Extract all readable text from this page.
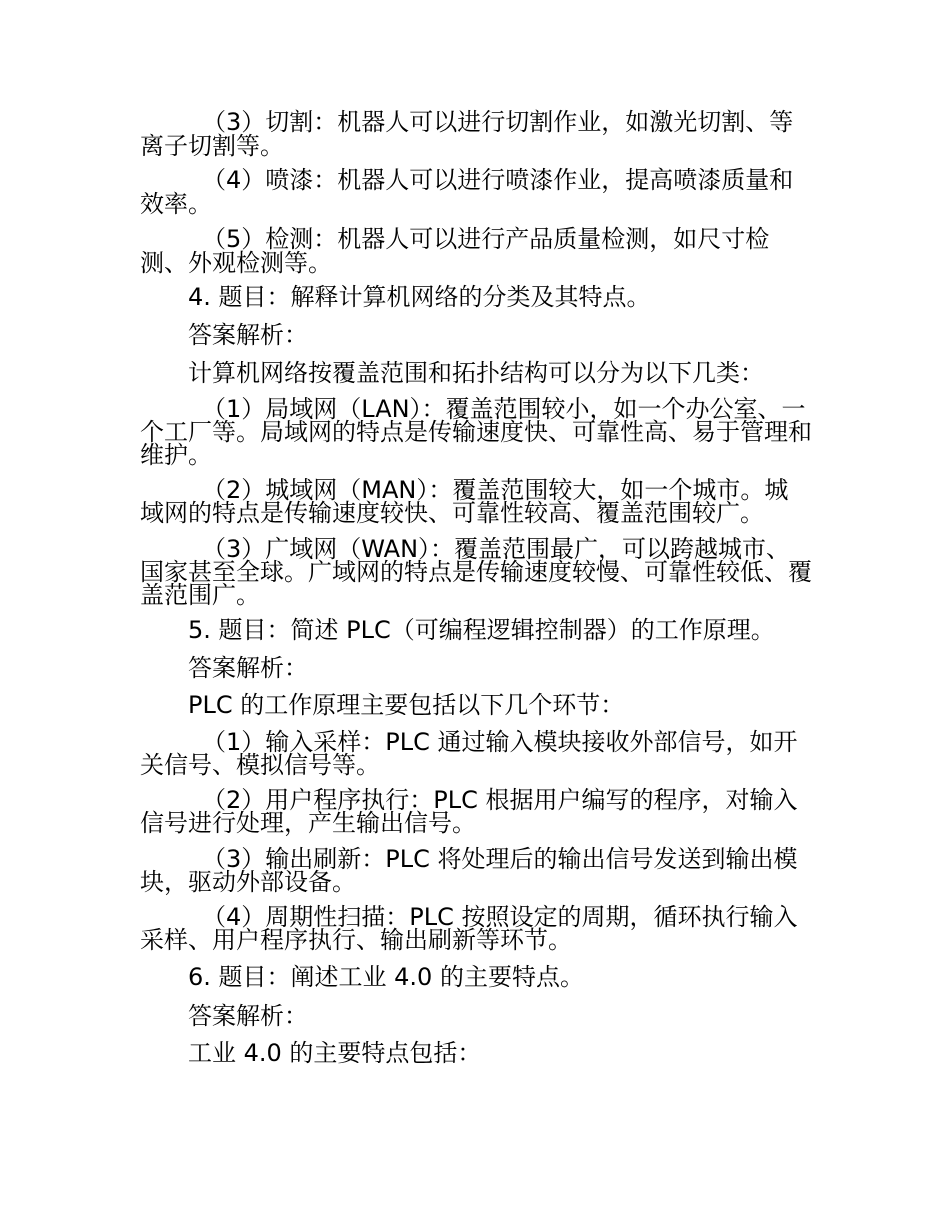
（3）切割：机器人可以进行切割作业，如激光切割、等离子切割等。
（4）喷漆：机器人可以进行喷漆作业，提高喷漆质量和效率。
（5）检测：机器人可以进行产品质量检测，如尺寸检测、外观检测等。
4. 题目：解释计算机网络的分类及其特点。
答案解析：
计算机网络按覆盖范围和拓扑结构可以分为以下几类：
（1）局域网（LAN）：覆盖范围较小，如一个办公室、一个工厂等。局域网的特点是传输速度快、可靠性高、易于管理和维护。
（2）城域网（MAN）：覆盖范围较大，如一个城市。城域网的特点是传输速度较快、可靠性较高、覆盖范围较广。
（3）广域网（WAN）：覆盖范围最广，可以跨越城市、国家甚至全球。广域网的特点是传输速度较慢、可靠性较低、覆盖范围广。
5. 题目：简述 PLC（可编程逻辑控制器）的工作原理。
答案解析：
PLC 的工作原理主要包括以下几个环节：
（1）输入采样：PLC 通过输入模块接收外部信号，如开关信号、模拟信号等。
（2）用户程序执行：PLC 根据用户编写的程序，对输入信号进行处理，产生输出信号。
（3）输出刷新：PLC 将处理后的输出信号发送到输出模块，驱动外部设备。
（4）周期性扫描：PLC 按照设定的周期，循环执行输入采样、用户程序执行、输出刷新等环节。
6. 题目：阐述工业 4.0 的主要特点。
答案解析：
工业 4.0 的主要特点包括：
